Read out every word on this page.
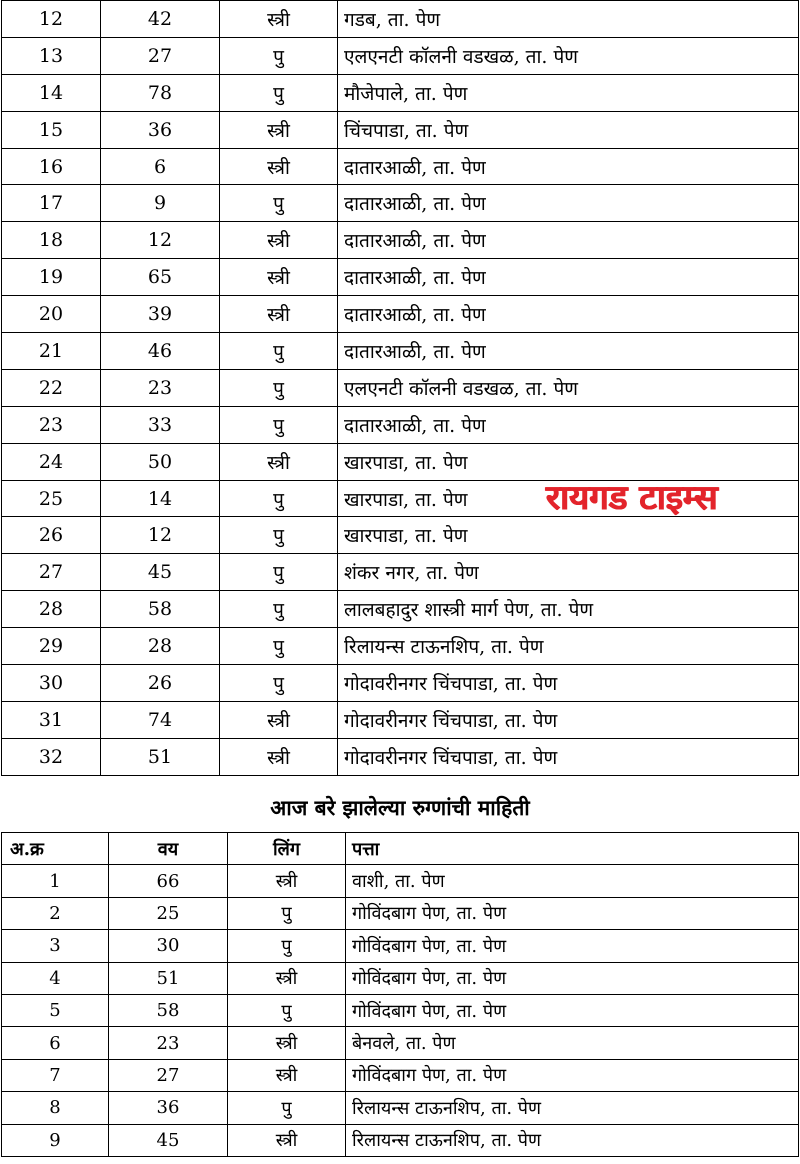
12	42	स्त्री	गडब, ता. पेण
13	27	पु	एलएनटी कॉलनी वडखळ, ता. पेण
14	78	पु	मौजेपाले, ता. पेण
15	36	स्त्री	चिंचपाडा, ता. पेण
16	6	स्त्री	दातारआळी, ता. पेण
17	9	पु	दातारआळी, ता. पेण
18	12	स्त्री	दातारआळी, ता. पेण
19	65	स्त्री	दातारआळी, ता. पेण
20	39	स्त्री	दातारआळी, ता. पेण
21	46	पु	दातारआळी, ता. पेण
22	23	पु	एलएनटी कॉलनी वडखळ, ता. पेण
23	33	पु	दातारआळी, ता. पेण
24	50	स्त्री	खारपाडा, ता. पेण
25	14	पु	खारपाडा, ता. पेण
26	12	पु	खारपाडा, ता. पेण
27	45	पु	शंकर नगर, ता. पेण
28	58	पु	लालबहादुर शास्त्री मार्ग पेण, ता. पेण
29	28	पु	रिलायन्स टाऊनशिप, ता. पेण
30	26	पु	गोदावरीनगर चिंचपाडा, ता. पेण
31	74	स्त्री	गोदावरीनगर चिंचपाडा, ता. पेण
32	51	स्त्री	गोदावरीनगर चिंचपाडा, ता. पेण
रायगड टाइम्स
आज बरे झालेल्या रुग्णांची माहिती
अ.क्र	वय	लिंग	पत्ता
1	66	स्त्री	वाशी, ता. पेण
2	25	पु	गोविंदबाग पेण, ता. पेण
3	30	पु	गोविंदबाग पेण, ता. पेण
4	51	स्त्री	गोविंदबाग पेण, ता. पेण
5	58	पु	गोविंदबाग पेण, ता. पेण
6	23	स्त्री	बेनवले, ता. पेण
7	27	स्त्री	गोविंदबाग पेण, ता. पेण
8	36	पु	रिलायन्स टाऊनशिप, ता. पेण
9	45	स्त्री	रिलायन्स टाऊनशिप, ता. पेण
